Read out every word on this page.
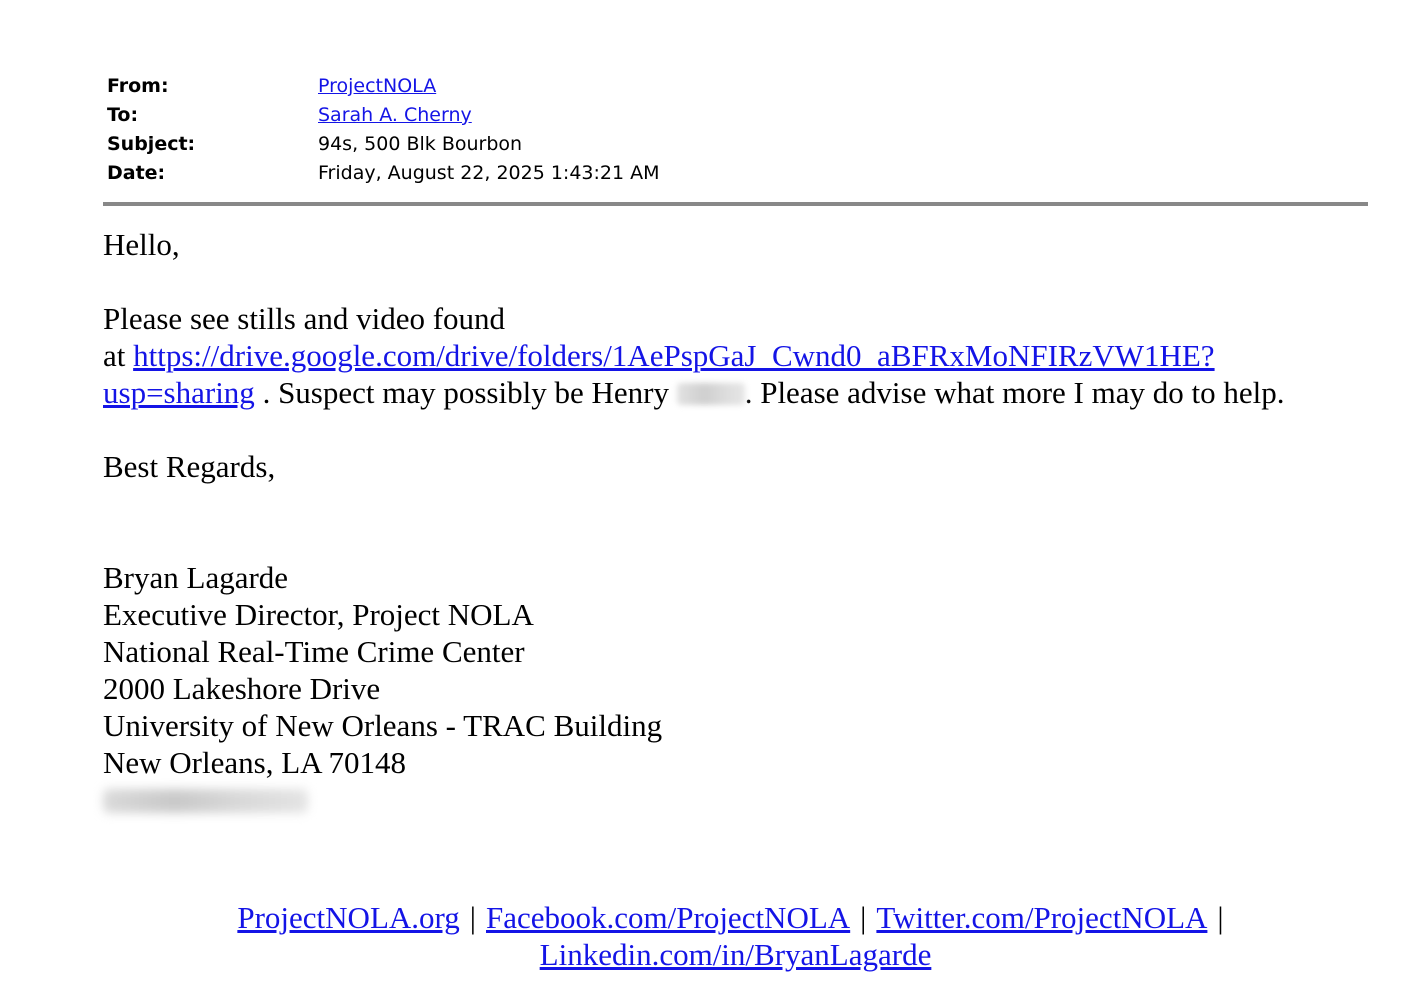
From:	ProjectNOLA
To:	Sarah A. Cherny
Subject:	94s, 500 Blk Bourbon
Date:	Friday, August 22, 2025 1:43:21 AM

Hello,

Please see stills and video found
at https://drive.google.com/drive/folders/1AePspGaJ_Cwnd0_aBFRxMoNFIRzVW1HE?
usp=sharing . Suspect may possibly be Henry . Please advise what more I may do to help.

Best Regards,

Bryan Lagarde
Executive Director, Project NOLA
National Real-Time Crime Center
2000 Lakeshore Drive
University of New Orleans - TRAC Building
New Orleans, LA 70148
ProjectNOLA.org | Facebook.com/ProjectNOLA | Twitter.com/ProjectNOLA |
Linkedin.com/in/BryanLagarde
